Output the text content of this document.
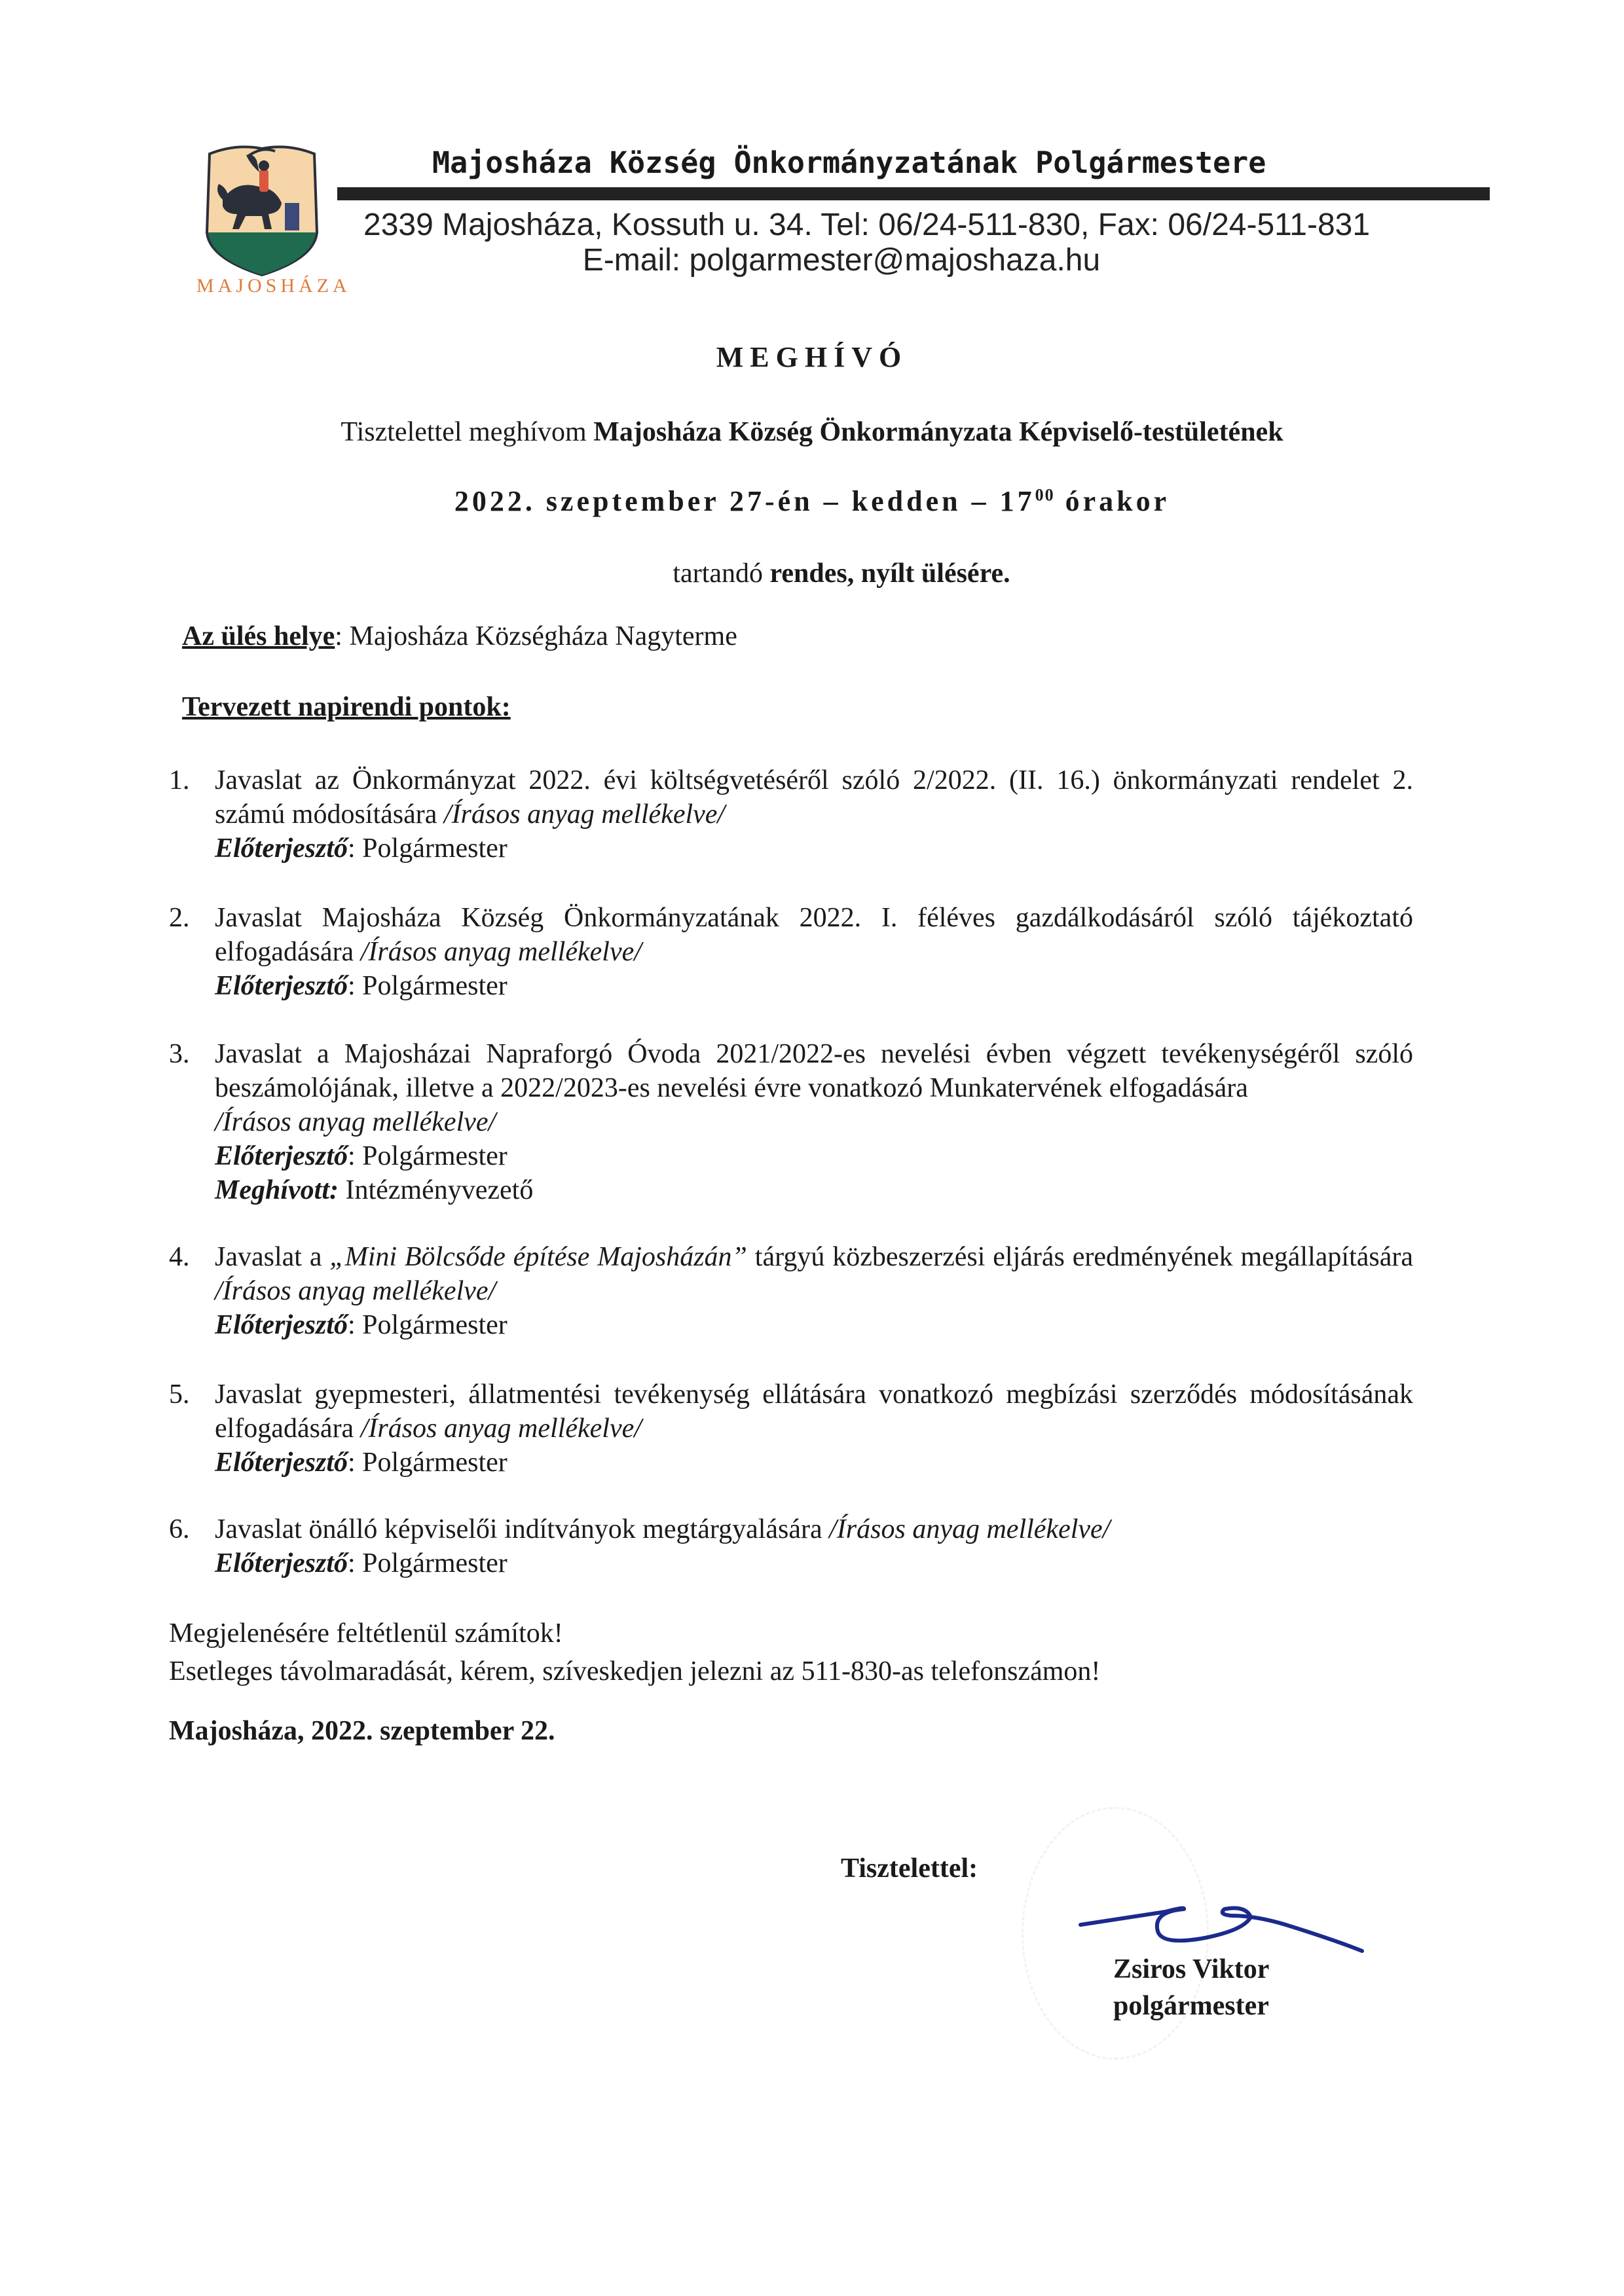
MAJOSHÁZA
Majosháza Község Önkormányzatának Polgármestere
2339 Majosháza, Kossuth u. 34. Tel: 06/24-511-830, Fax: 06/24-511-831
E-mail: polgarmester@majoshaza.hu
MEGHÍVÓ
Tisztelettel meghívom Majosháza Község Önkormányzata Képviselő-testületének
2022. szeptember 27-én – kedden – $17^{00}$ órakor
tartandó rendes, nyílt ülésére.
Az ülés helye: Majosháza Községháza Nagyterme
Tervezett napirendi pontok:
1. Javaslat az Önkormányzat 2022. évi költségvetéséről szóló 2/2022. (II. 16.) önkormányzati rendelet 2. számú módosítására /Írásos anyag mellékelve/
Előterjesztő: Polgármester
2. Javaslat Majosháza Község Önkormányzatának 2022. I. féléves gazdálkodásáról szóló tájékoztató elfogadására /Írásos anyag mellékelve/
Előterjesztő: Polgármester
3. Javaslat a Majosházai Napraforgó Óvoda 2021/2022-es nevelési évben végzett tevékenységéről szóló beszámolójának, illetve a 2022/2023-es nevelési évre vonatkozó Munkatervének elfogadására
/Írásos anyag mellékelve/
Előterjesztő: Polgármester
Meghívott: Intézményvezető
4. Javaslat a „Mini Bölcsőde építése Majosházán” tárgyú közbeszerzési eljárás eredményének megállapítására /Írásos anyag mellékelve/
Előterjesztő: Polgármester
5. Javaslat gyepmesteri, állatmentési tevékenység ellátására vonatkozó megbízási szerződés módosításának elfogadására /Írásos anyag mellékelve/
Előterjesztő: Polgármester
6. Javaslat önálló képviselői indítványok megtárgyalására /Írásos anyag mellékelve/
Előterjesztő: Polgármester
Megjelenésére feltétlenül számítok!
Esetleges távolmaradását, kérem, szíveskedjen jelezni az 511-830-as telefonszámon!
Majosháza, 2022. szeptember 22.
Tisztelettel:
Zsiros Viktor
polgármester
